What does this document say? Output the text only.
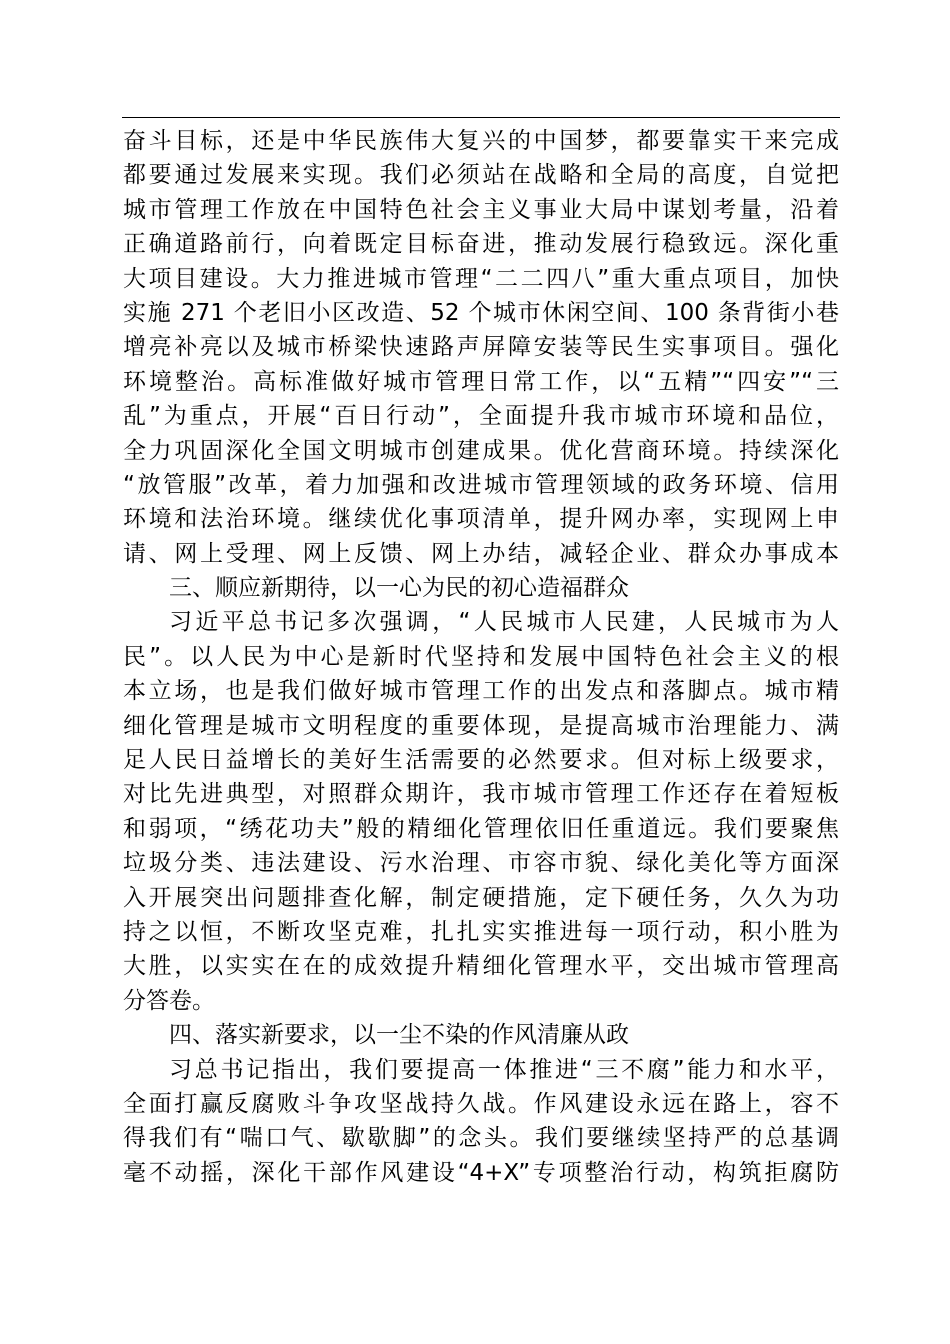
奋斗目标，还是中华民族伟大复兴的中国梦，都要靠实干来完成
都要通过发展来实现。我们必须站在战略和全局的高度，自觉把
城市管理工作放在中国特色社会主义事业大局中谋划考量，沿着
正确道路前行，向着既定目标奋进，推动发展行稳致远。深化重
大项目建设。大力推进城市管理“二二四八”重大重点项目，加快
实施 271 个老旧小区改造、52 个城市休闲空间、100 条背街小巷
增亮补亮以及城市桥梁快速路声屏障安装等民生实事项目。强化
环境整治。高标准做好城市管理日常工作，以“五精”“四安”“三
乱”为重点，开展“百日行动”，全面提升我市城市环境和品位，
全力巩固深化全国文明城市创建成果。优化营商环境。持续深化
“放管服”改革，着力加强和改进城市管理领域的政务环境、信用
环境和法治环境。继续优化事项清单，提升网办率，实现网上申
请、网上受理、网上反馈、网上办结，减轻企业、群众办事成本
三、顺应新期待，以一心为民的初心造福群众
习近平总书记多次强调，“人民城市人民建，人民城市为人
民”。以人民为中心是新时代坚持和发展中国特色社会主义的根
本立场，也是我们做好城市管理工作的出发点和落脚点。城市精
细化管理是城市文明程度的重要体现，是提高城市治理能力、满
足人民日益增长的美好生活需要的必然要求。但对标上级要求，
对比先进典型，对照群众期许，我市城市管理工作还存在着短板
和弱项，“绣花功夫”般的精细化管理依旧任重道远。我们要聚焦
垃圾分类、违法建设、污水治理、市容市貌、绿化美化等方面深
入开展突出问题排查化解，制定硬措施，定下硬任务，久久为功
持之以恒，不断攻坚克难，扎扎实实推进每一项行动，积小胜为
大胜，以实实在在的成效提升精细化管理水平，交出城市管理高
分答卷。
四、落实新要求，以一尘不染的作风清廉从政
习总书记指出，我们要提高一体推进“三不腐”能力和水平，
全面打赢反腐败斗争攻坚战持久战。作风建设永远在路上，容不
得我们有“喘口气、歇歇脚”的念头。我们要继续坚持严的总基调
毫不动摇，深化干部作风建设“4+X”专项整治行动，构筑拒腐防
